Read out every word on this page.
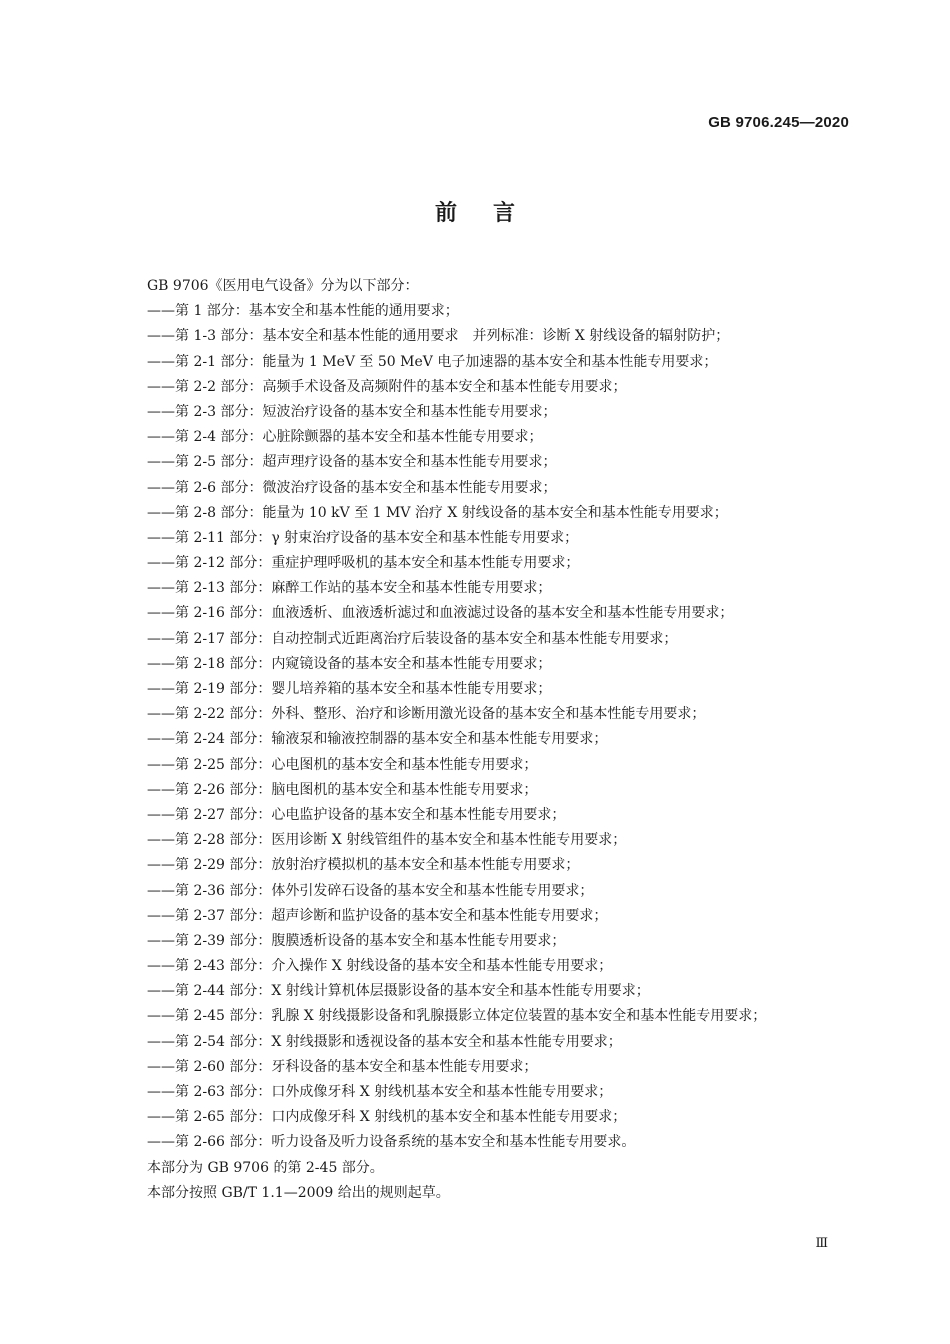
GB 9706.245—2020
前言
GB 9706《医用电气设备》分为以下部分：
——第 1 部分：基本安全和基本性能的通用要求；
——第 1-3 部分：基本安全和基本性能的通用要求　并列标准：诊断 X 射线设备的辐射防护；
——第 2-1 部分：能量为 1 MeV 至 50 MeV 电子加速器的基本安全和基本性能专用要求；
——第 2-2 部分：高频手术设备及高频附件的基本安全和基本性能专用要求；
——第 2-3 部分：短波治疗设备的基本安全和基本性能专用要求；
——第 2-4 部分：心脏除颤器的基本安全和基本性能专用要求；
——第 2-5 部分：超声理疗设备的基本安全和基本性能专用要求；
——第 2-6 部分：微波治疗设备的基本安全和基本性能专用要求；
——第 2-8 部分：能量为 10 kV 至 1 MV 治疗 X 射线设备的基本安全和基本性能专用要求；
——第 2-11 部分：γ 射束治疗设备的基本安全和基本性能专用要求；
——第 2-12 部分：重症护理呼吸机的基本安全和基本性能专用要求；
——第 2-13 部分：麻醉工作站的基本安全和基本性能专用要求；
——第 2-16 部分：血液透析、血液透析滤过和血液滤过设备的基本安全和基本性能专用要求；
——第 2-17 部分：自动控制式近距离治疗后装设备的基本安全和基本性能专用要求；
——第 2-18 部分：内窥镜设备的基本安全和基本性能专用要求；
——第 2-19 部分：婴儿培养箱的基本安全和基本性能专用要求；
——第 2-22 部分：外科、整形、治疗和诊断用激光设备的基本安全和基本性能专用要求；
——第 2-24 部分：输液泵和输液控制器的基本安全和基本性能专用要求；
——第 2-25 部分：心电图机的基本安全和基本性能专用要求；
——第 2-26 部分：脑电图机的基本安全和基本性能专用要求；
——第 2-27 部分：心电监护设备的基本安全和基本性能专用要求；
——第 2-28 部分：医用诊断 X 射线管组件的基本安全和基本性能专用要求；
——第 2-29 部分：放射治疗模拟机的基本安全和基本性能专用要求；
——第 2-36 部分：体外引发碎石设备的基本安全和基本性能专用要求；
——第 2-37 部分：超声诊断和监护设备的基本安全和基本性能专用要求；
——第 2-39 部分：腹膜透析设备的基本安全和基本性能专用要求；
——第 2-43 部分：介入操作 X 射线设备的基本安全和基本性能专用要求；
——第 2-44 部分：X 射线计算机体层摄影设备的基本安全和基本性能专用要求；
——第 2-45 部分：乳腺 X 射线摄影设备和乳腺摄影立体定位装置的基本安全和基本性能专用要求；
——第 2-54 部分：X 射线摄影和透视设备的基本安全和基本性能专用要求；
——第 2-60 部分：牙科设备的基本安全和基本性能专用要求；
——第 2-63 部分：口外成像牙科 X 射线机基本安全和基本性能专用要求；
——第 2-65 部分：口内成像牙科 X 射线机的基本安全和基本性能专用要求；
——第 2-66 部分：听力设备及听力设备系统的基本安全和基本性能专用要求。
本部分为 GB 9706 的第 2-45 部分。
本部分按照 GB/T 1.1—2009 给出的规则起草。
Ⅲ
